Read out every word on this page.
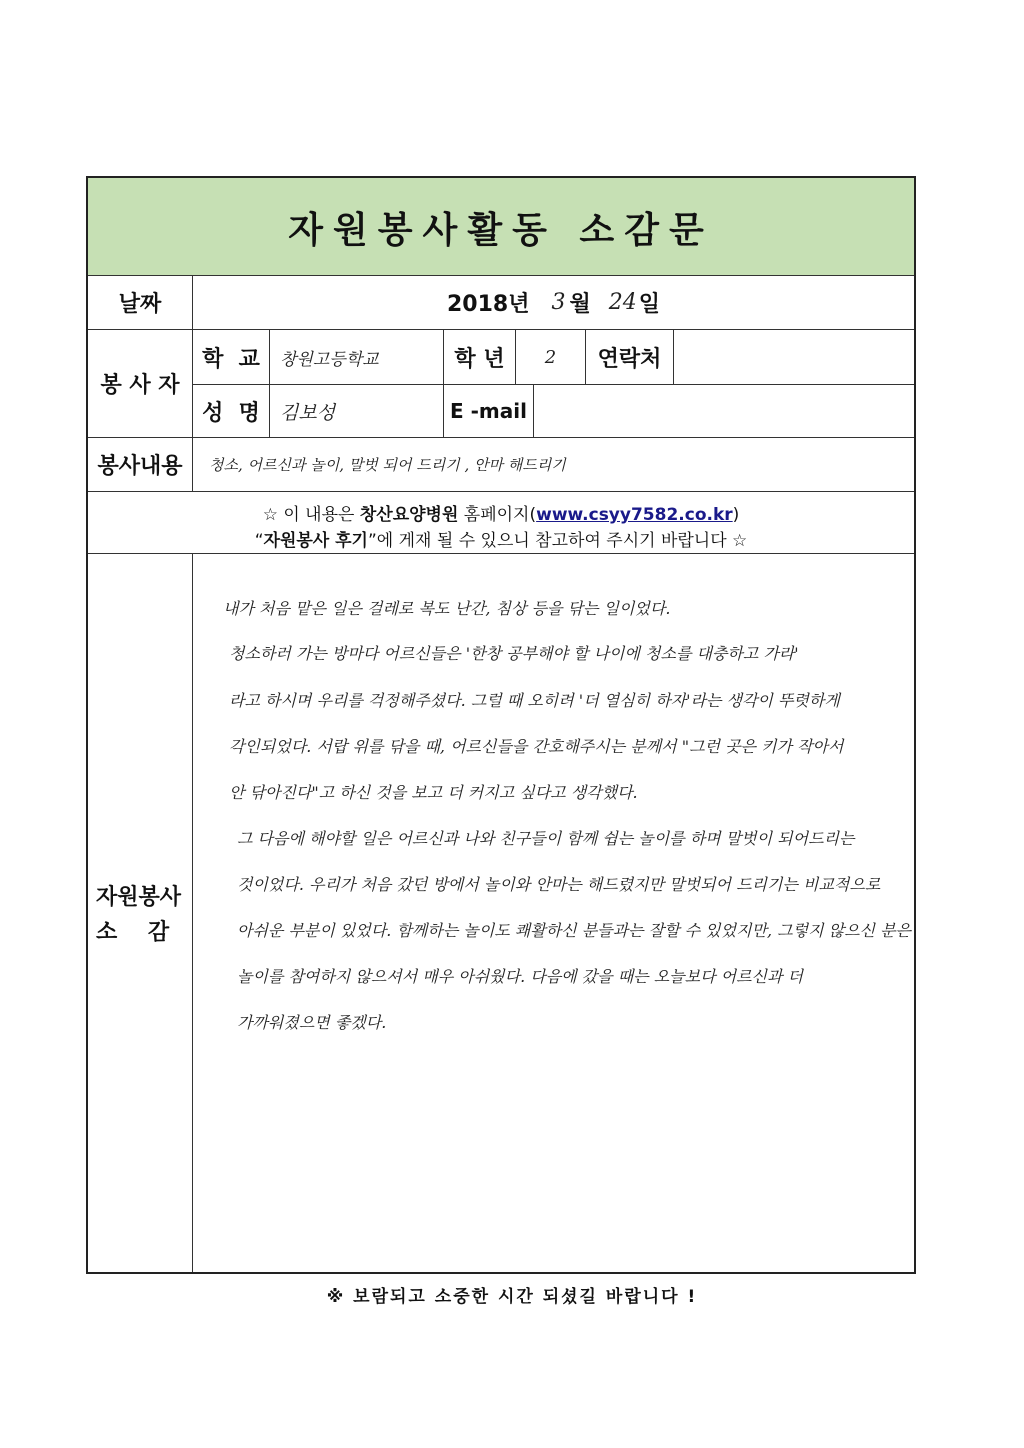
자원봉사활동 소감문
날짜	2018년 3 월 24 일
봉 사 자
학  교	창원고등학교	학 년	2	연락처
성  명	김보성	E -mail
봉사내용	청소, 어르신과 놀이, 말벗 되어 드리기 , 안마 해드리기
☆ 이 내용은 창산요양병원 홈페이지(www.csyy7582.co.kr)
“자원봉사 후기”에 게재 될 수 있으니 참고하여 주시기 바랍니다 ☆
자원봉사
소    감
내가 처음 맡은 일은 걸레로 복도 난간, 침상 등을 닦는 일이었다.
청소하러 가는 방마다 어르신들은 '한창 공부해야 할 나이에 청소를 대충하고 가라'
라고 하시며 우리를 걱정해주셨다. 그럴 때 오히려 '더 열심히 하자'라는 생각이 뚜렷하게
각인되었다. 서랍 위를 닦을 때, 어르신들을 간호해주시는 분께서 "그런 곳은 키가 작아서
안 닦아진다"고 하신 것을 보고 더 커지고 싶다고 생각했다.
그 다음에 해야할 일은 어르신과 나와 친구들이 함께 쉽는 놀이를 하며 말벗이 되어드리는
것이었다. 우리가 처음 갔던 방에서 놀이와 안마는 해드렸지만 말벗되어 드리기는 비교적으로
아쉬운 부분이 있었다. 함께하는 놀이도 쾌활하신 분들과는 잘할 수 있었지만, 그렇지 않으신 분은
놀이를 참여하지 않으셔서 매우 아쉬웠다. 다음에 갔을 때는 오늘보다 어르신과 더
가까워졌으면 좋겠다.
※ 보람되고 소중한 시간 되셨길 바랍니다 !
